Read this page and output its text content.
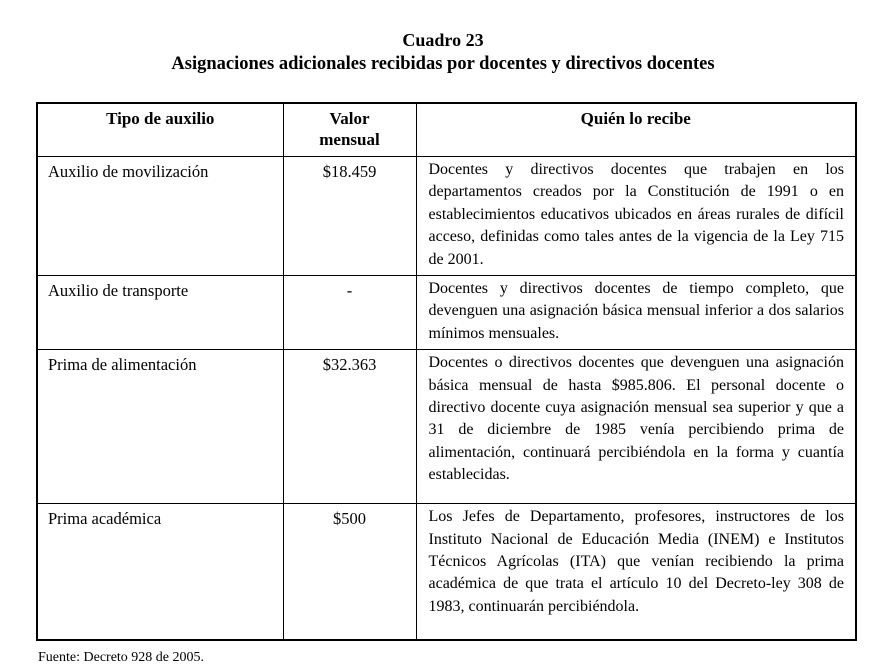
Cuadro 23
Asignaciones adicionales recibidas por docentes y directivos docentes
Tipo de auxilio	Valor mensual	Quién lo recibe
Auxilio de movilización	$18.459	Docentes y directivos docentes que trabajen en los departamentos creados por la Constitución de 1991 o en establecimientos educativos ubicados en áreas rurales de difícil acceso, definidas como tales antes de la vigencia de la Ley 715 de 2001.
Auxilio de transporte	-	Docentes y directivos docentes de tiempo completo, que devenguen una asignación básica mensual inferior a dos salarios mínimos mensuales.
Prima de alimentación	$32.363	Docentes o directivos docentes que devenguen una asignación básica mensual de hasta $985.806. El personal docente o directivo docente cuya asignación mensual sea superior y que a 31 de diciembre de 1985 venía percibiendo prima de alimentación, continuará percibiéndola en la forma y cuantía establecidas.
Prima académica	$500	Los Jefes de Departamento, profesores, instructores de los Instituto Nacional de Educación Media (INEM) e Institutos Técnicos Agrícolas (ITA) que venían recibiendo la prima académica de que trata el artículo 10 del Decreto-ley 308 de 1983, continuarán percibiéndola.
Fuente: Decreto 928 de 2005.
